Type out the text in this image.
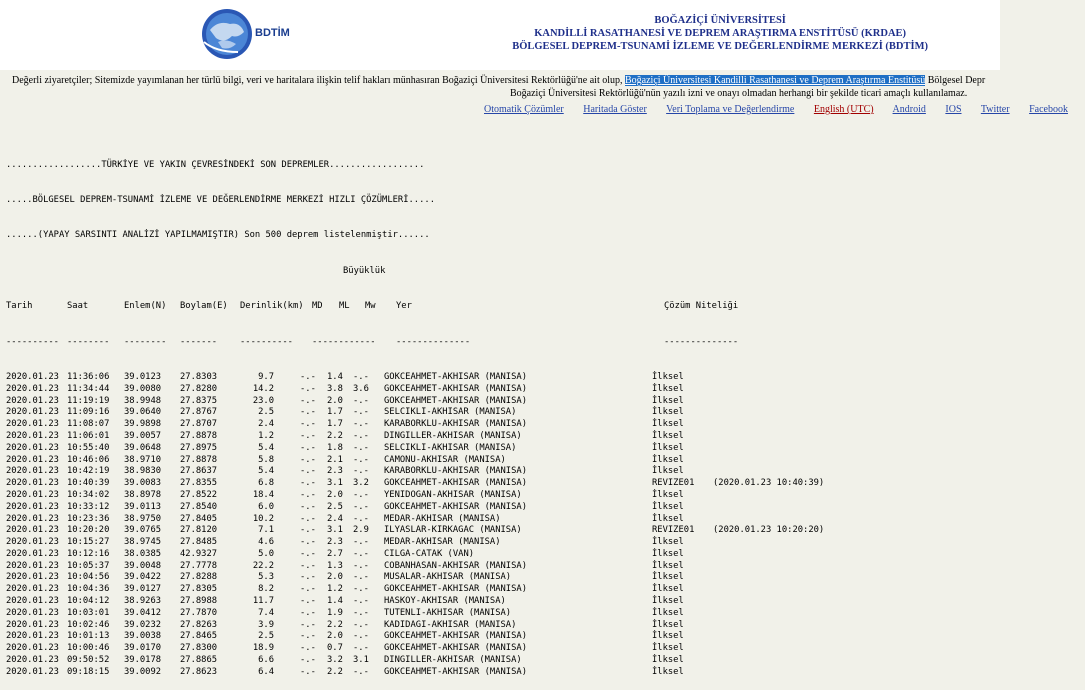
BDTİM
BOĞAZİÇİ ÜNİVERSİTESİ
KANDİLLİ RASATHANESİ VE DEPREM ARAŞTIRMA ENSTİTÜSÜ (KRDAE)
BÖLGESEL DEPREM-TSUNAMİ İZLEME VE DEĞERLENDİRME MERKEZİ (BDTİM)
Değerli ziyaretçiler; Sitemizde yayımlanan her türlü bilgi, veri ve haritalara ilişkin telif hakları münhasıran Boğaziçi Üniversitesi Rektörlüğü'ne ait olup, Boğaziçi Üniversitesi Kandilli Rasathanesi ve Deprem Araştırma Enstitüsü Bölgesel Depr
Boğaziçi Üniversitesi Rektörlüğü'nün yazılı izni ve onayı olmadan herhangi bir şekilde ticari amaçlı kullanılamaz.
Otomatik Çözümler Haritada Göster Veri Toplama ve Değerlendirme English (UTC) Android IOS Twitter Facebook

..................TÜRKİYE VE YAKIN ÇEVRESİNDEKİ SON DEPREMLER..................

.....BÖLGESEL DEPREM-TSUNAMİ İZLEME VE DEĞERLENDİRME MERKEZİ HIZLI ÇÖZÜMLERİ.....

......(YAPAY SARSINTI ANALİZİ YAPILMAMIŞTIR) Son 500 deprem listelenmiştir......

Büyüklük

Tarih	Saat	Enlem(N) Boylam(E) Derinlik(km) MD ML Mw Yer	Çözüm Niteliği

---------- -------- -------- -------	---------- ------------ --------------	--------------

2020.01.23 11:36:06 39.0123 27.8303	9.7	-.- 1.4 -.- GOKCEAHMET-AKHISAR (MANISA)	İlksel
2020.01.23 11:34:44 39.0080 27.8280	14.2	-.- 3.8 3.6 GOKCEAHMET-AKHISAR (MANISA)	İlksel
2020.01.23 11:19:19 38.9948 27.8375	23.0	-.- 2.0 -.- GOKCEAHMET-AKHISAR (MANISA)	İlksel
2020.01.23 11:09:16 39.0640 27.8767	2.5	-.- 1.7 -.- SELCIKLI-AKHISAR (MANISA)	İlksel
2020.01.23 11:08:07 39.9898 27.8707	2.4	-.- 1.7 -.- KARABORKLU-AKHISAR (MANISA)	İlksel
2020.01.23 11:06:01 39.0057 27.8878	1.2	-.- 2.2 -.- DINGILLER-AKHISAR (MANISA)	İlksel
2020.01.23 10:55:40 39.0648 27.8975	5.4	-.- 1.8 -.- SELCIKLI-AKHISAR (MANISA)	İlksel
2020.01.23 10:46:06 38.9710 27.8878	5.8	-.- 2.1 -.- CAMONU-AKHISAR (MANISA)	İlksel
2020.01.23 10:42:19 38.9830 27.8637	5.4	-.- 2.3 -.- KARABORKLU-AKHISAR (MANISA)	İlksel
2020.01.23 10:40:39 39.0083 27.8355	6.8	-.- 3.1 3.2 GOKCEAHMET-AKHISAR (MANISA)	REVIZE01 (2020.01.23 10:40:39)
2020.01.23 10:34:02 38.8978 27.8522	18.4	-.- 2.0 -.- YENIDOGAN-AKHISAR (MANISA)	İlksel
2020.01.23 10:33:12 39.0113 27.8540	6.0	-.- 2.5 -.- GOKCEAHMET-AKHISAR (MANISA)	İlksel
2020.01.23 10:23:36 38.9750 27.8405	10.2	-.- 2.4 -.- MEDAR-AKHISAR (MANISA)	İlksel
2020.01.23 10:20:20 39.0765 27.8120	7.1	-.- 3.1 2.9 ILYASLAR-KIRKAGAC (MANISA)	REVIZE01 (2020.01.23 10:20:20)
2020.01.23 10:15:27 38.9745 27.8485	4.6	-.- 2.3 -.- MEDAR-AKHISAR (MANISA)	İlksel
2020.01.23 10:12:16 38.0385 42.9327	5.0	-.- 2.7 -.- CILGA-CATAK (VAN)	İlksel
2020.01.23 10:05:37 39.0048 27.7778	22.2	-.- 1.3 -.- COBANHASAN-AKHISAR (MANISA)	İlksel
2020.01.23 10:04:56 39.0422 27.8288	5.3	-.- 2.0 -.- MUSALAR-AKHISAR (MANISA)	İlksel
2020.01.23 10:04:36 39.0127 27.8305	8.2	-.- 1.2 -.- GOKCEAHMET-AKHISAR (MANISA)	İlksel
2020.01.23 10:04:12 38.9263 27.8988	11.7	-.- 1.4 -.- HASKOY-AKHISAR (MANISA)	İlksel
2020.01.23 10:03:01 39.0412 27.7870	7.4	-.- 1.9 -.- TUTENLI-AKHISAR (MANISA)	İlksel
2020.01.23 10:02:46 39.0232 27.8263	3.9	-.- 2.2 -.- KADIDAGI-AKHISAR (MANISA)	İlksel
2020.01.23 10:01:13 39.0038 27.8465	2.5	-.- 2.0 -.- GOKCEAHMET-AKHISAR (MANISA)	İlksel
2020.01.23 10:00:46 39.0170 27.8300	18.9	-.- 0.7 -.- GOKCEAHMET-AKHISAR (MANISA)	İlksel
2020.01.23 09:50:52 39.0178 27.8865	6.6	-.- 3.2 3.1 DINGILLER-AKHISAR (MANISA)	İlksel
2020.01.23 09:18:15 39.0092 27.8623	6.4	-.- 2.2 -.- GOKCEAHMET-AKHISAR (MANISA)	İlksel
